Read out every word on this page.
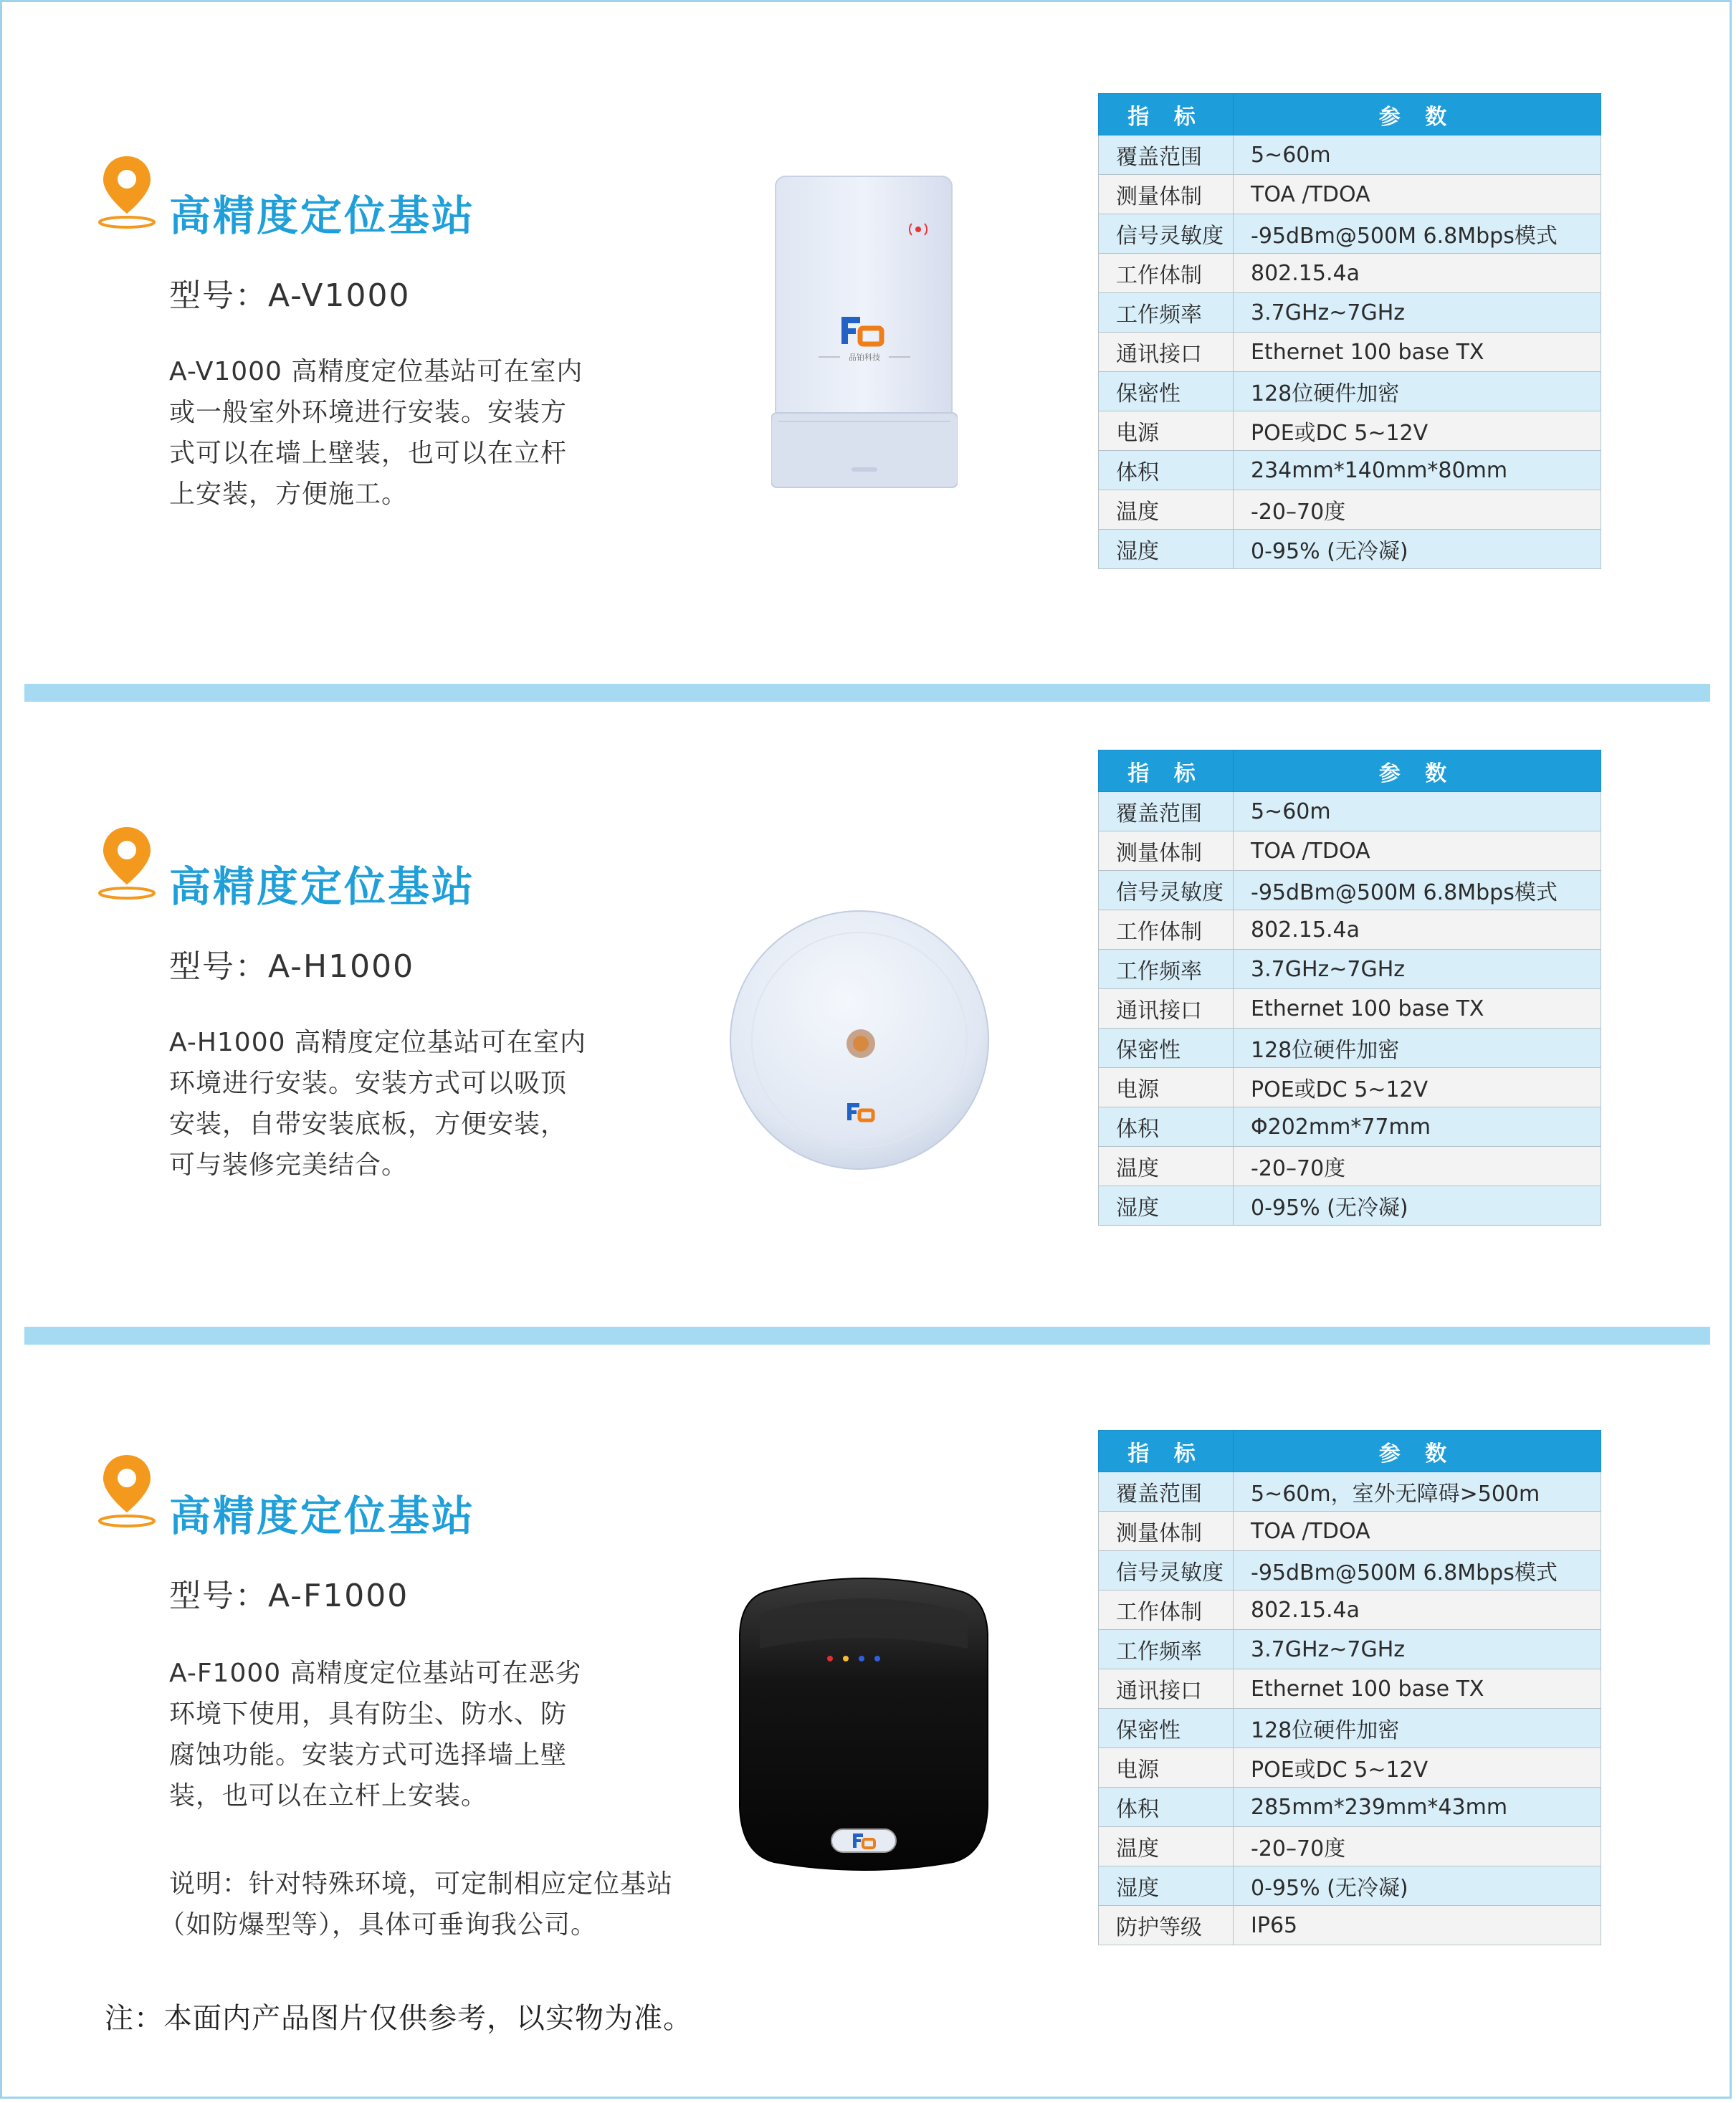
高精度定位基站
型号：A-V1000
A-V1000 高精度定位基站可在室内
或一般室外环境进行安装。安装方
式可以在墙上壁装，也可以在立杆
上安装，方便施工。
品铂科技
指 标	参 数
覆盖范围	5~60m
测量体制	TOA /TDOA
信号灵敏度	-95dBm@500M 6.8Mbps模式
工作体制	802.15.4a
工作频率	3.7GHz~7GHz
通讯接口	Ethernet 100 base TX
保密性	128位硬件加密
电源	POE或DC 5~12V
体积	234mm*140mm*80mm
温度	-20–70度
湿度	0-95% (无冷凝)
高精度定位基站
型号：A-H1000
A-H1000 高精度定位基站可在室内
环境进行安装。安装方式可以吸顶
安装，自带安装底板，方便安装，
可与装修完美结合。
指 标	参 数
覆盖范围	5~60m
测量体制	TOA /TDOA
信号灵敏度	-95dBm@500M 6.8Mbps模式
工作体制	802.15.4a
工作频率	3.7GHz~7GHz
通讯接口	Ethernet 100 base TX
保密性	128位硬件加密
电源	POE或DC 5~12V
体积	Φ202mm*77mm
温度	-20–70度
湿度	0-95% (无冷凝)
高精度定位基站
型号：A-F1000
A-F1000 高精度定位基站可在恶劣
环境下使用，具有防尘、防水、防
腐蚀功能。安装方式可选择墙上壁
装，也可以在立杆上安装。
说明：针对特殊环境，可定制相应定位基站
（如防爆型等），具体可垂询我公司。
指 标	参 数
覆盖范围	5~60m，室外无障碍>500m
测量体制	TOA /TDOA
信号灵敏度	-95dBm@500M 6.8Mbps模式
工作体制	802.15.4a
工作频率	3.7GHz~7GHz
通讯接口	Ethernet 100 base TX
保密性	128位硬件加密
电源	POE或DC 5~12V
体积	285mm*239mm*43mm
温度	-20–70度
湿度	0-95% (无冷凝)
防护等级	IP65
注：本面内产品图片仅供参考，以实物为准。
